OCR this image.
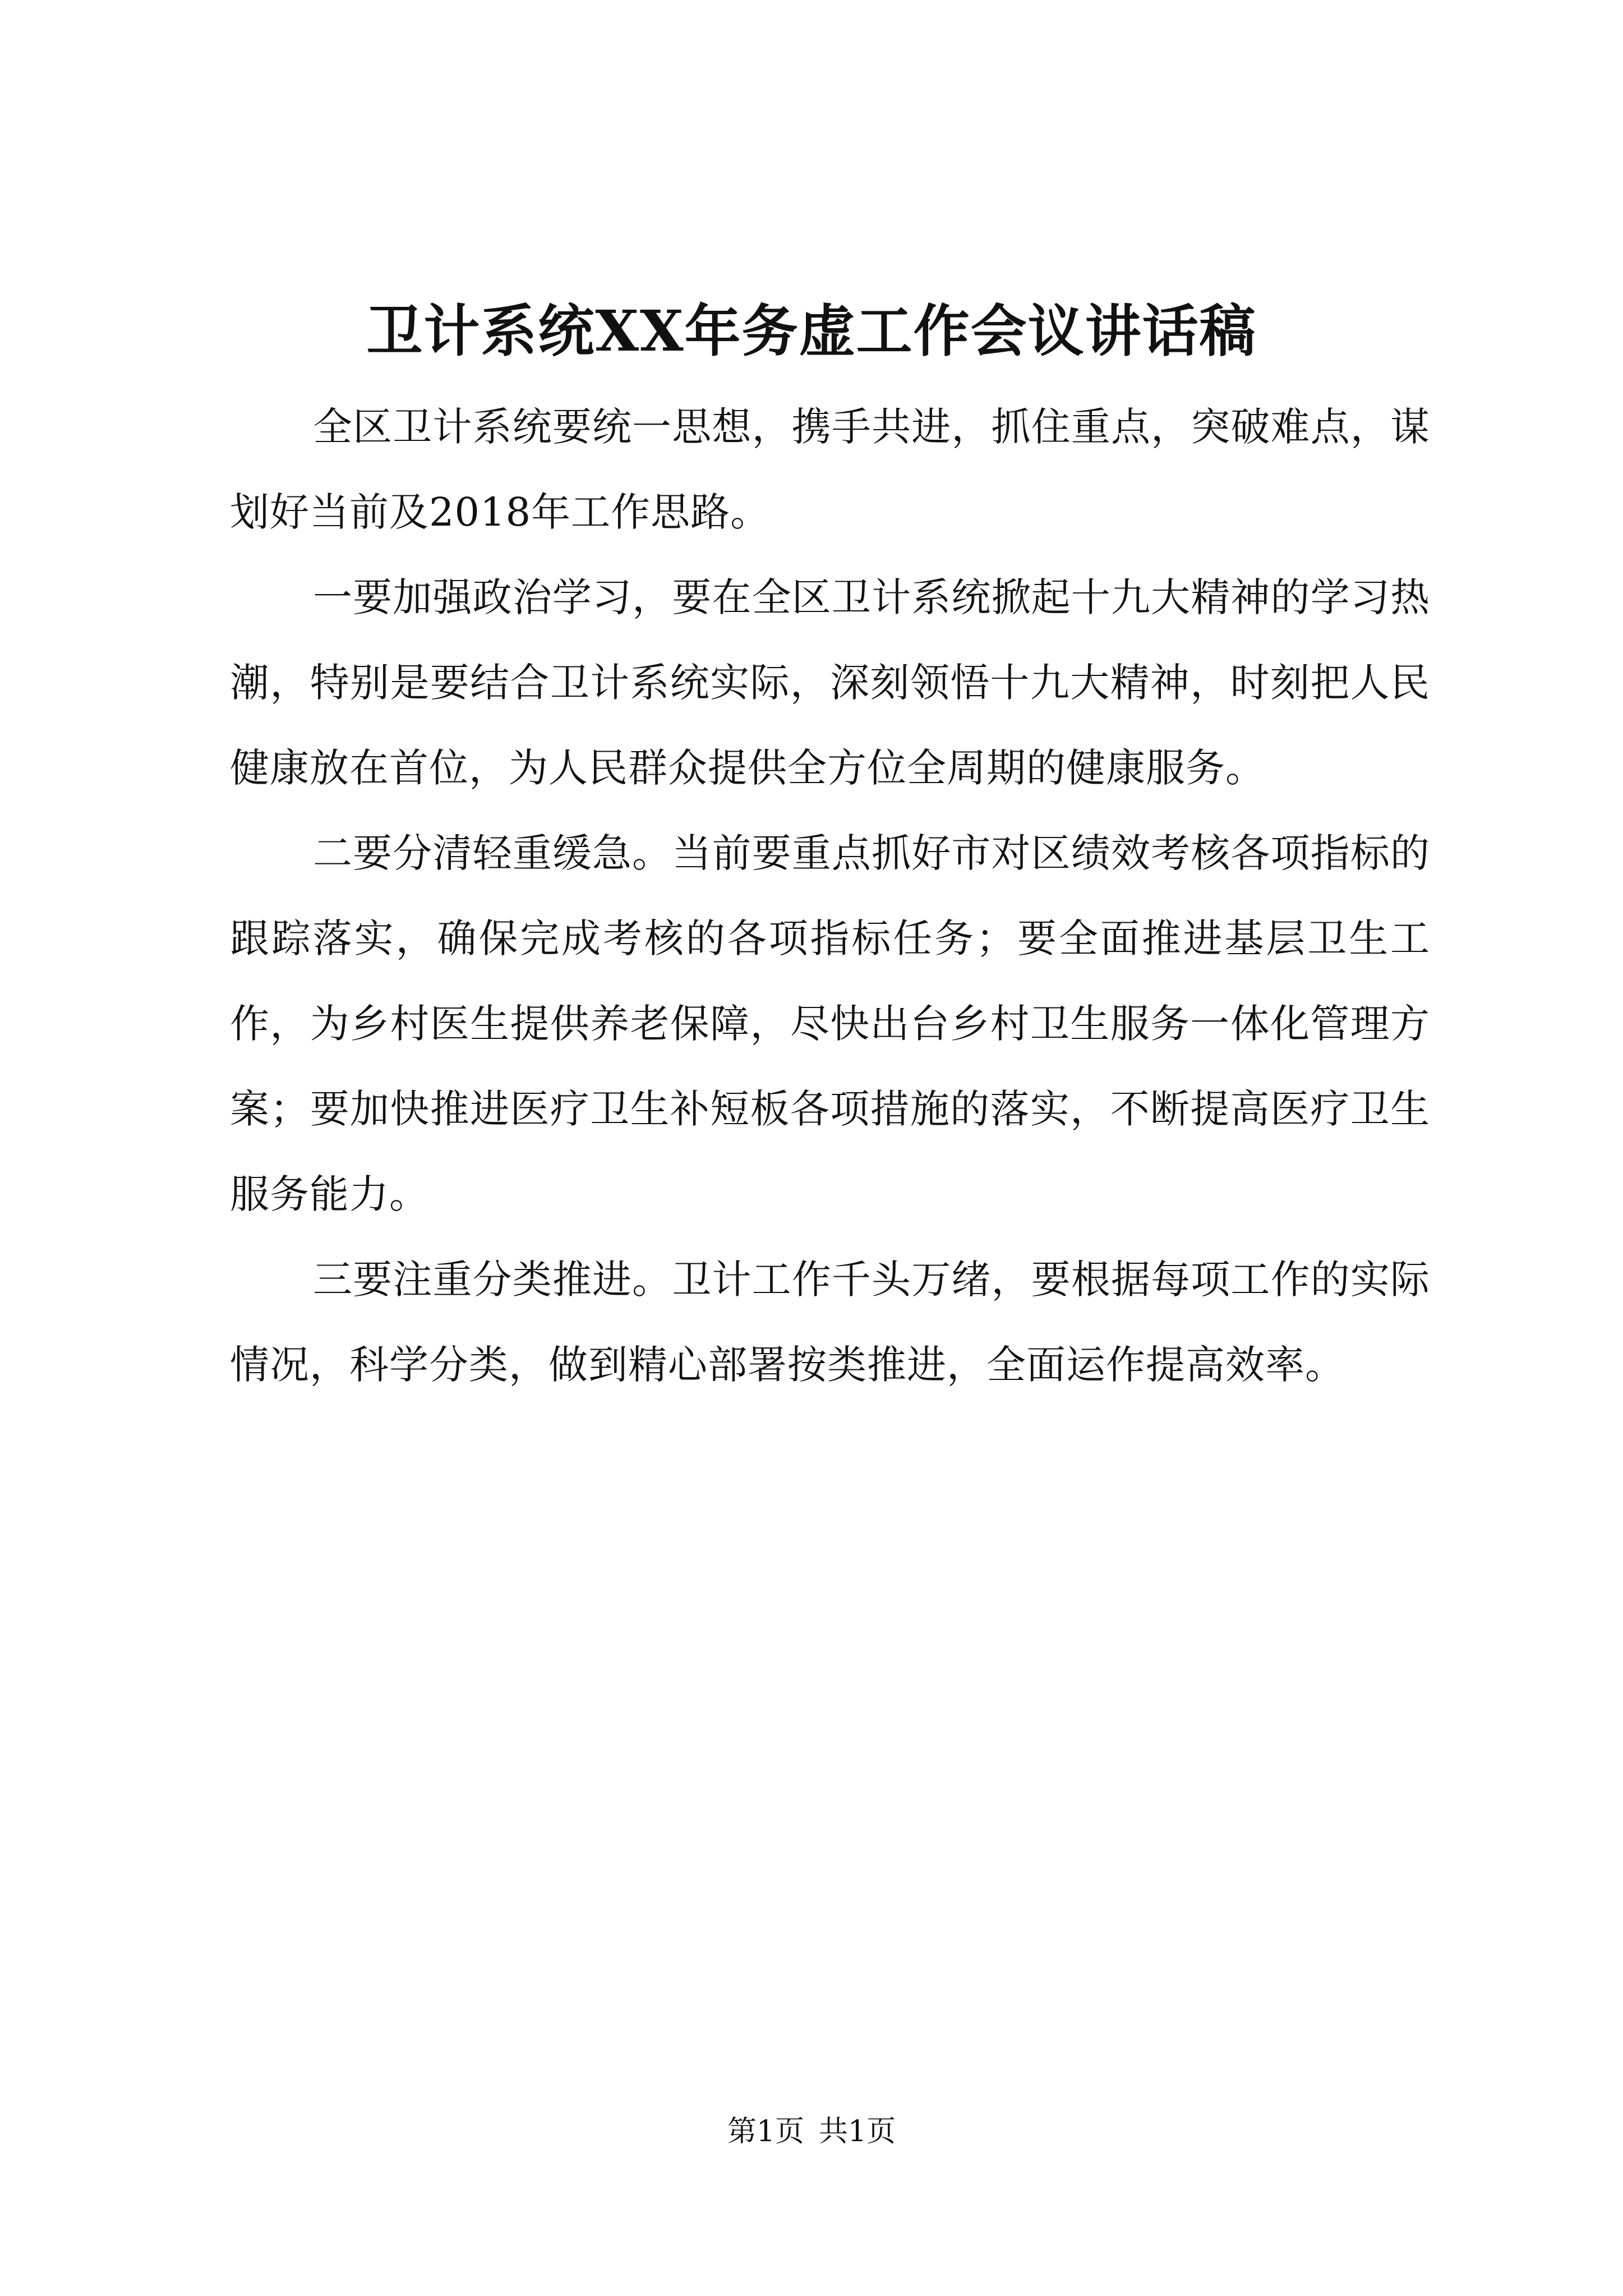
卫计系统XX年务虚工作会议讲话稿

全区卫计系统要统一思想，携手共进，抓住重点，突破难点，谋划好当前及2018年工作思路。

一要加强政治学习，要在全区卫计系统掀起十九大精神的学习热潮，特别是要结合卫计系统实际，深刻领悟十九大精神，时刻把人民健康放在首位，为人民群众提供全方位全周期的健康服务。

二要分清轻重缓急。当前要重点抓好市对区绩效考核各项指标的跟踪落实，确保完成考核的各项指标任务；要全面推进基层卫生工作，为乡村医生提供养老保障，尽快出台乡村卫生服务一体化管理方案；要加快推进医疗卫生补短板各项措施的落实，不断提高医疗卫生服务能力。

三要注重分类推进。卫计工作千头万绪，要根据每项工作的实际情况，科学分类，做到精心部署按类推进，全面运作提高效率。

第1页 共1页
